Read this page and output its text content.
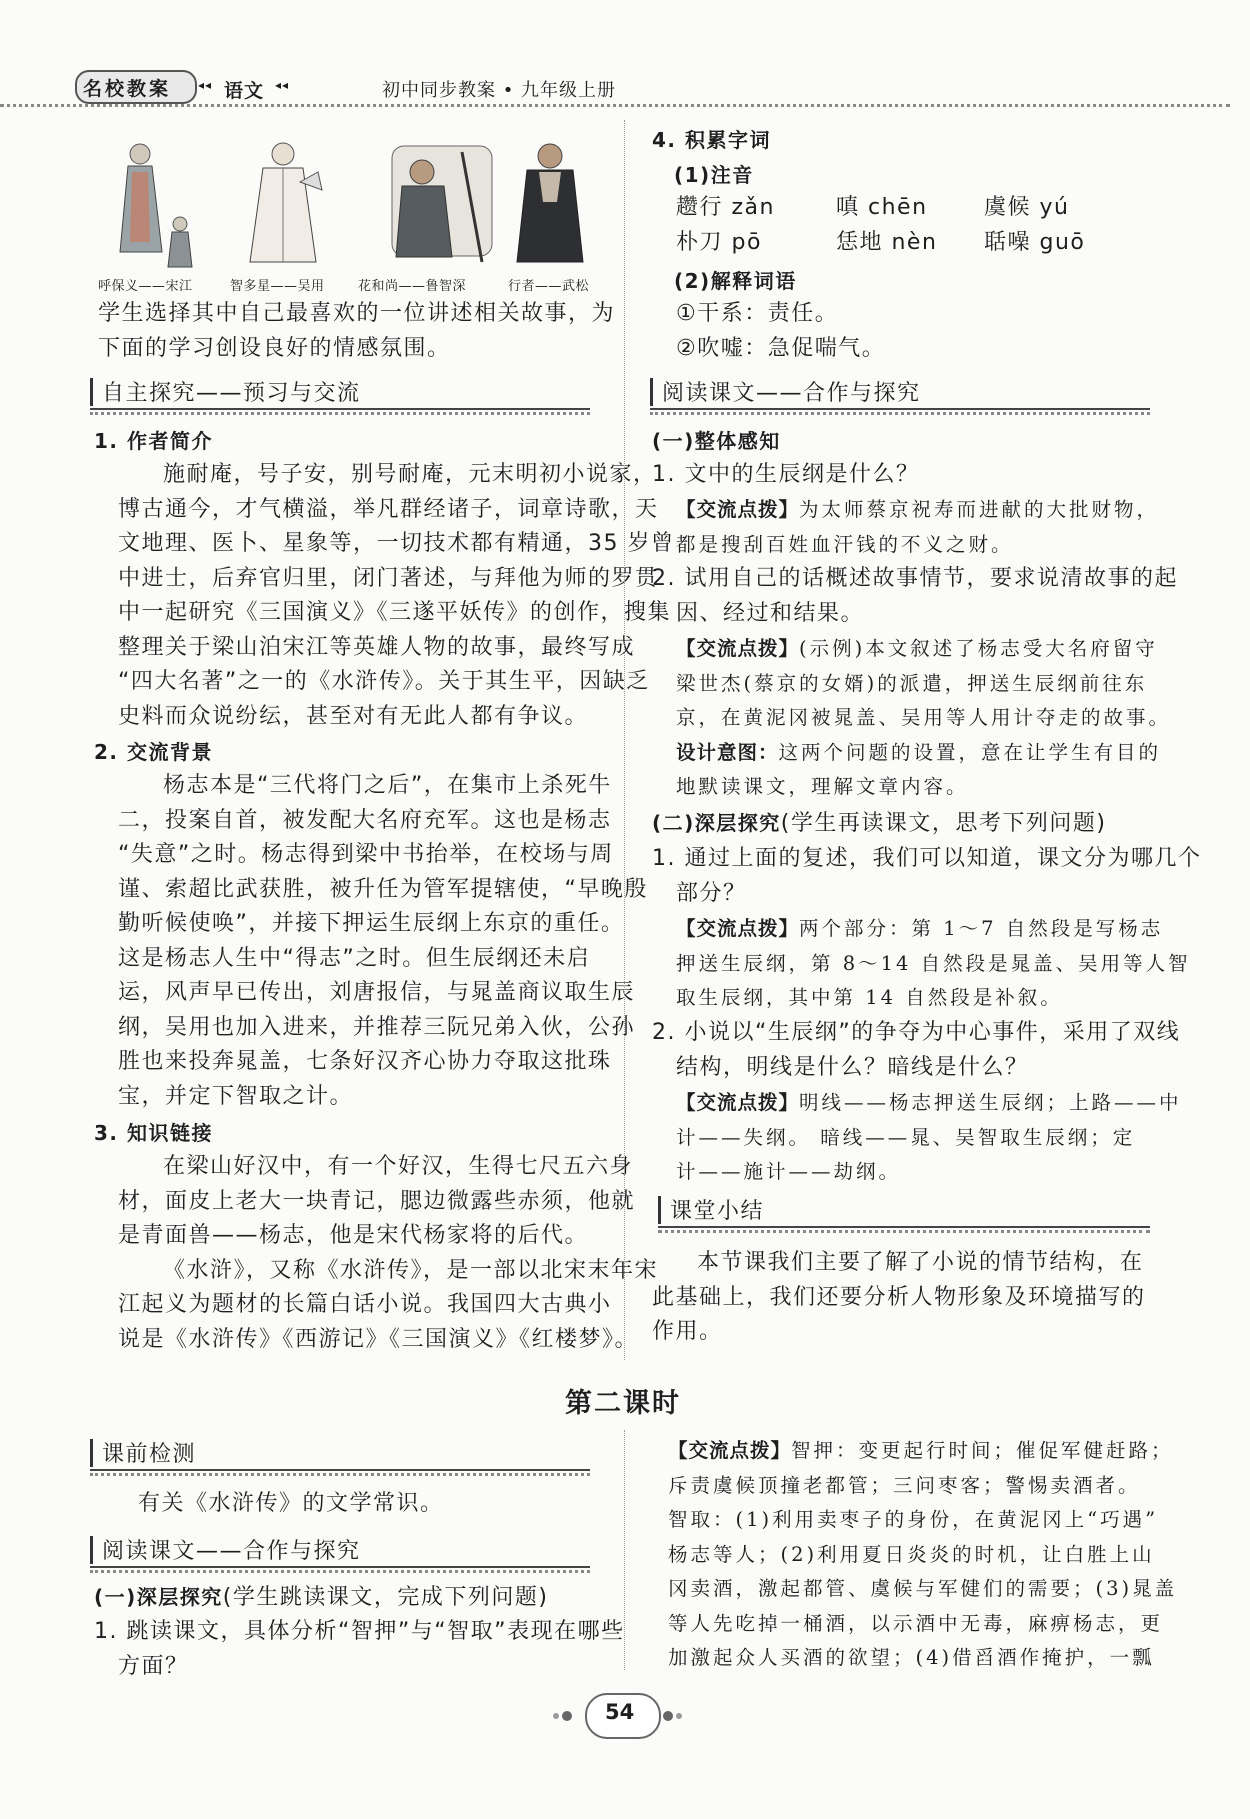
名校教案 ◂◂ 语文 ◂◂	初中同步教案 • 九年级上册
呼保义——宋江	智多星——吴用	花和尚——鲁智深	行者——武松
学生选择其中自己最喜欢的一位讲述相关故事，为
下面的学习创设良好的情感氛围。
自主探究——预习与交流
1. 作者简介
施耐庵，号子安，别号耐庵，元末明初小说家，
博古通今，才气横溢，举凡群经诸子，词章诗歌，天
文地理、医卜、星象等，一切技术都有精通，35 岁曾
中进士，后弃官归里，闭门著述，与拜他为师的罗贯
中一起研究《三国演义》《三遂平妖传》的创作，搜集
整理关于梁山泊宋江等英雄人物的故事，最终写成
“四大名著”之一的《水浒传》。关于其生平，因缺乏
史料而众说纷纭，甚至对有无此人都有争议。
2. 交流背景
杨志本是“三代将门之后”，在集市上杀死牛
二，投案自首，被发配大名府充军。这也是杨志
“失意”之时。杨志得到梁中书抬举，在校场与周
谨、索超比武获胜，被升任为管军提辖使，“早晚殷
勤听候使唤”，并接下押运生辰纲上东京的重任。
这是杨志人生中“得志”之时。但生辰纲还未启
运，风声早已传出，刘唐报信，与晁盖商议取生辰
纲，吴用也加入进来，并推荐三阮兄弟入伙，公孙
胜也来投奔晁盖，七条好汉齐心协力夺取这批珠
宝，并定下智取之计。
3. 知识链接
在梁山好汉中，有一个好汉，生得七尺五六身
材，面皮上老大一块青记，腮边微露些赤须，他就
是青面兽——杨志，他是宋代杨家将的后代。
《水浒》，又称《水浒传》，是一部以北宋末年宋
江起义为题材的长篇白话小说。我国四大古典小
说是《水浒传》《西游记》《三国演义》《红楼梦》。
4. 积累字词
(1)注音
趱行 zǎn	嗔 chēn	虞候 yú
朴刀 pō	恁地 nèn 聒噪 guō
(2)解释词语
①干系：责任。
②吹嘘：急促喘气。
阅读课文——合作与探究
(一)整体感知
1. 文中的生辰纲是什么？
【交流点拨】为太师蔡京祝寿而进献的大批财物，
都是搜刮百姓血汗钱的不义之财。
2. 试用自己的话概述故事情节，要求说清故事的起
因、经过和结果。
【交流点拨】(示例)本文叙述了杨志受大名府留守
梁世杰(蔡京的女婿)的派遣，押送生辰纲前往东
京，在黄泥冈被晁盖、吴用等人用计夺走的故事。
设计意图：这两个问题的设置，意在让学生有目的
地默读课文，理解文章内容。
(二)深层探究(学生再读课文，思考下列问题)
1. 通过上面的复述，我们可以知道，课文分为哪几个
部分？
【交流点拨】两个部分：第 1～7 自然段是写杨志
押送生辰纲，第 8～14 自然段是晁盖、吴用等人智
取生辰纲，其中第 14 自然段是补叙。
2. 小说以“生辰纲”的争夺为中心事件，采用了双线
结构，明线是什么？暗线是什么？
【交流点拨】明线——杨志押送生辰纲；上路——中
计——失纲。 暗线——晁、吴智取生辰纲；定
计——施计——劫纲。
课堂小结
本节课我们主要了解了小说的情节结构，在
此基础上，我们还要分析人物形象及环境描写的
作用。
第二课时
课前检测
有关《水浒传》的文学常识。
阅读课文——合作与探究
(一)深层探究(学生跳读课文，完成下列问题)
1. 跳读课文，具体分析“智押”与“智取”表现在哪些
方面？
【交流点拨】智押：变更起行时间；催促军健赶路；
斥责虞候顶撞老都管；三问枣客；警惕卖酒者。
智取：(1)利用卖枣子的身份，在黄泥冈上“巧遇”
杨志等人；(2)利用夏日炎炎的时机，让白胜上山
冈卖酒，激起都管、虞候与军健们的需要；(3)晁盖
等人先吃掉一桶酒，以示酒中无毒，麻痹杨志，更
加激起众人买酒的欲望；(4)借舀酒作掩护，一瓢
54
